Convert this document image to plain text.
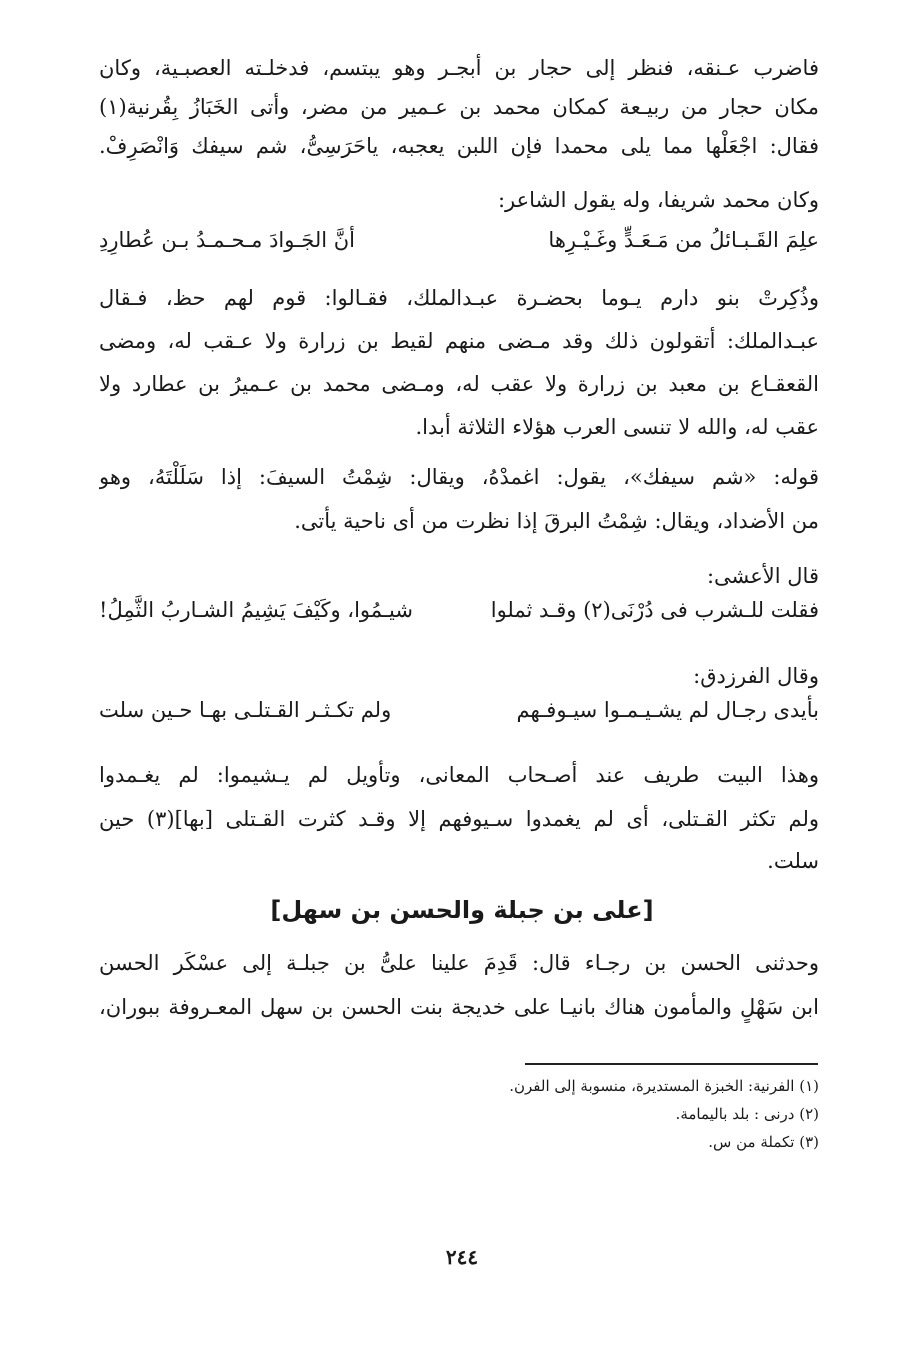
فاضرب عـنقه، فنظر إلى حجار بن أبجـر وهو يبتسم، فدخلـته العصبـية، وكان
مكان حجار من ربيـعة كمكان محمد بن عـمير من مضر، وأتى الخَبَازُ بِقُرنية(١)
فقال: اجْعَلْها مما يلى محمدا فإن اللبن يعجبه، ياحَرَسِىُّ، شم سيفك وَانْصَرِفْ.
وكان محمد شريفا، وله يقول الشاعر:
علِمَ القَـبـائلُ من مَـعَـدٍّ وغَـيْـرِها
أنَّ الجَـوادَ مـحـمـدُ بـن عُطارِدِ
وذُكِرتْ بنو دارم يـوما بحضـرة عبـدالملك، فقـالوا: قوم لهم حظ، فـقال
عبـدالملك: أتقولون ذلك وقد مـضى منهم لقيط بن زرارة ولا عـقب له، ومضى
القعقـاع بن معبد بن زرارة ولا عقب له، ومـضى محمد بن عـميرُ بن عطارد ولا
عقب له، والله لا تنسى العرب هؤلاء الثلاثة أبدا.
قوله: «شم سيفك»، يقول: اغمدْهُ، ويقال: شِمْتُ السيفَ: إذا سَلَلْتَهُ، وهو
من الأضداد، ويقال: شِمْتُ البرقَ إذا نظرت من أى ناحية يأتى.
قال الأعشى:
فقلت للـشرب فى دُرْنَى(٢) وقـد ثملوا
شيـمُوا، وكَيْفَ يَشِيمُ الشـاربُ الثَّمِلُ!
وقال الفرزدق:
بأيدى رجـال لم يشـيـمـوا سيـوفـهم
ولم تكـثـر القـتلـى بهـا حـين سلت
وهذا البيت طريف عند أصـحاب المعانى، وتأويل لم يـشيموا: لم يغـمدوا
ولم تكثر القـتلى، أى لم يغمدوا سـيوفهم إلا وقـد كثرت القـتلى [بها](٣) حين
سلت.
[على بن جبلة والحسن بن سهل]
وحدثنى الحسن بن رجـاء قال: قَدِمَ علينا علىُّ بن جبلـة إلى عسْكَر الحسن
ابن سَهْلٍ والمأمون هناك بانيـا على خديجة بنت الحسن بن سهل المعـروفة ببوران،
(١) الفرنية: الخبزة المستديرة، منسوبة إلى الفرن.
(٢) درنى : بلد باليمامة.
(٣) تكملة من س.
٢٤٤
